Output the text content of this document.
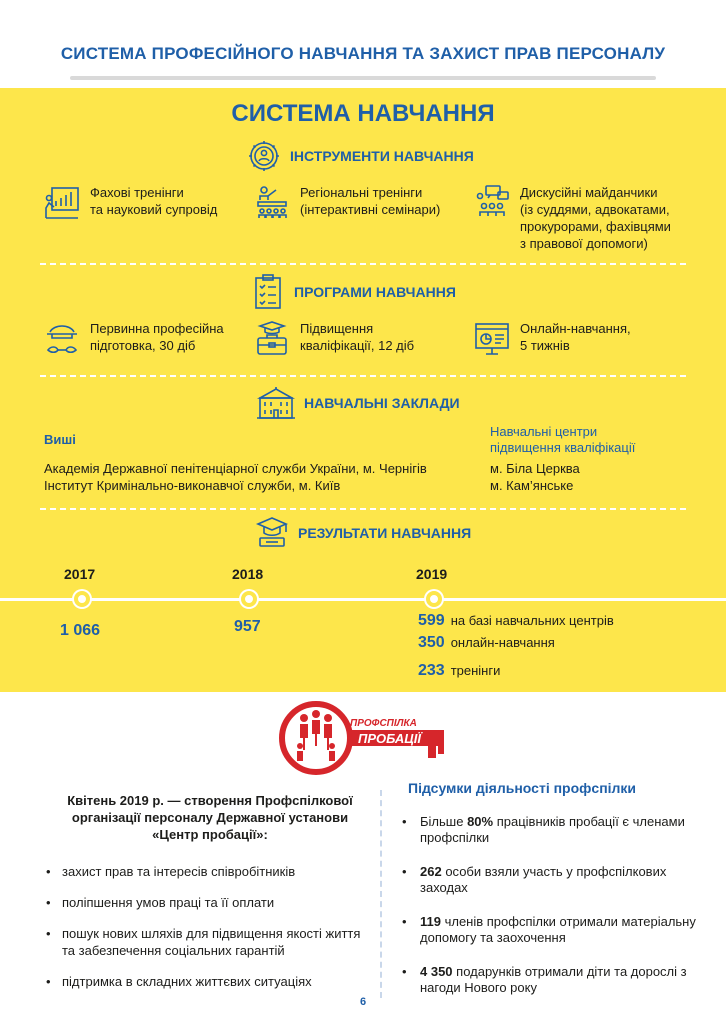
СИСТЕМА ПРОФЕСІЙНОГО НАВЧАННЯ ТА ЗАХИСТ ПРАВ ПЕРСОНАЛУ
СИСТЕМА НАВЧАННЯ
ІНСТРУМЕНТИ НАВЧАННЯ
Фахові тренінги
та науковий супровід
Регіональні тренінги
(інтерактивні семінари)
Дискусійні майданчики
(із суддями, адвокатами,
прокурорами, фахівцями
з правової допомоги)
ПРОГРАМИ НАВЧАННЯ
Первинна професійна
підготовка, 30 діб
Підвищення
кваліфікації, 12 діб
Онлайн-навчання,
5 тижнів
НАВЧАЛЬНІ ЗАКЛАДИ
Виші
Академія Державної пенітенціарної служби України, м. Чернігів
Інститут Кримінально-виконавчої служби, м. Київ
Навчальні центри
підвищення кваліфікації
м. Біла Церква
м. Кам’янське
РЕЗУЛЬТАТИ НАВЧАННЯ
2017	2018	2019
1 066	957	599 на базі навчальних центрів
350 онлайн-навчання
233 тренінги
ПРОФСПІЛКА
ПРОБАЦІЇ
Квітень 2019 р. — створення Профспілкової організації персоналу Державної установи «Центр пробації»:
• захист прав та інтересів співробітників
• поліпшення умов праці та її оплати
• пошук нових шляхів для підвищення якості життя та забезпечення соціальних гарантій
• підтримка в складних життєвих ситуаціях
Підсумки діяльності профспілки
• Більше 80% працівників пробації є членами профспілки
• 262 особи взяли участь у профспілкових заходах
• 119 членів профспілки отримали матеріальну допомогу та заохочення
• 4 350 подарунків отримали діти та дорослі з нагоди Нового року
6
